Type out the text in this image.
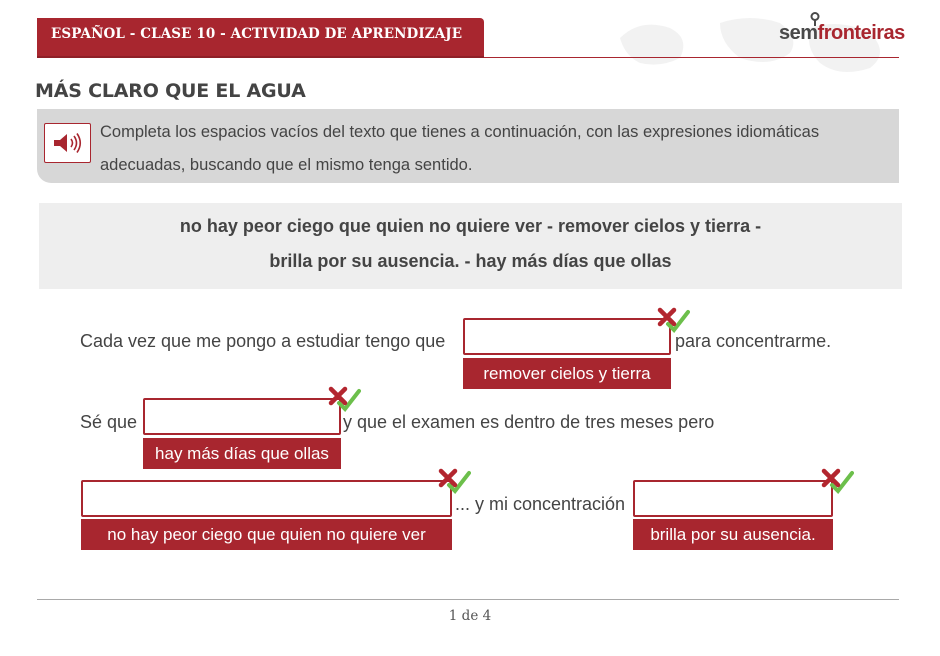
ESPAÑOL - CLASE 10 - ACTIVIDAD DE APRENDIZAJE	semfronteiras
MÁS CLARO QUE EL AGUA
Completa los espacios vacíos del texto que tienes a continuación, con las expresiones idiomáticas
adecuadas, buscando que el mismo tenga sentido.
no hay peor ciego que quien no quiere ver - remover cielos y tierra -
brilla por su ausencia. - hay más días que ollas
Cada vez que me pongo a estudiar tengo que	para concentrarme.
remover cielos y tierra
Sé que	y que el examen es dentro de tres meses pero
hay más días que ollas
... y mi concentración
no hay peor ciego que quien no quiere ver	brilla por su ausencia.
1 de 4
